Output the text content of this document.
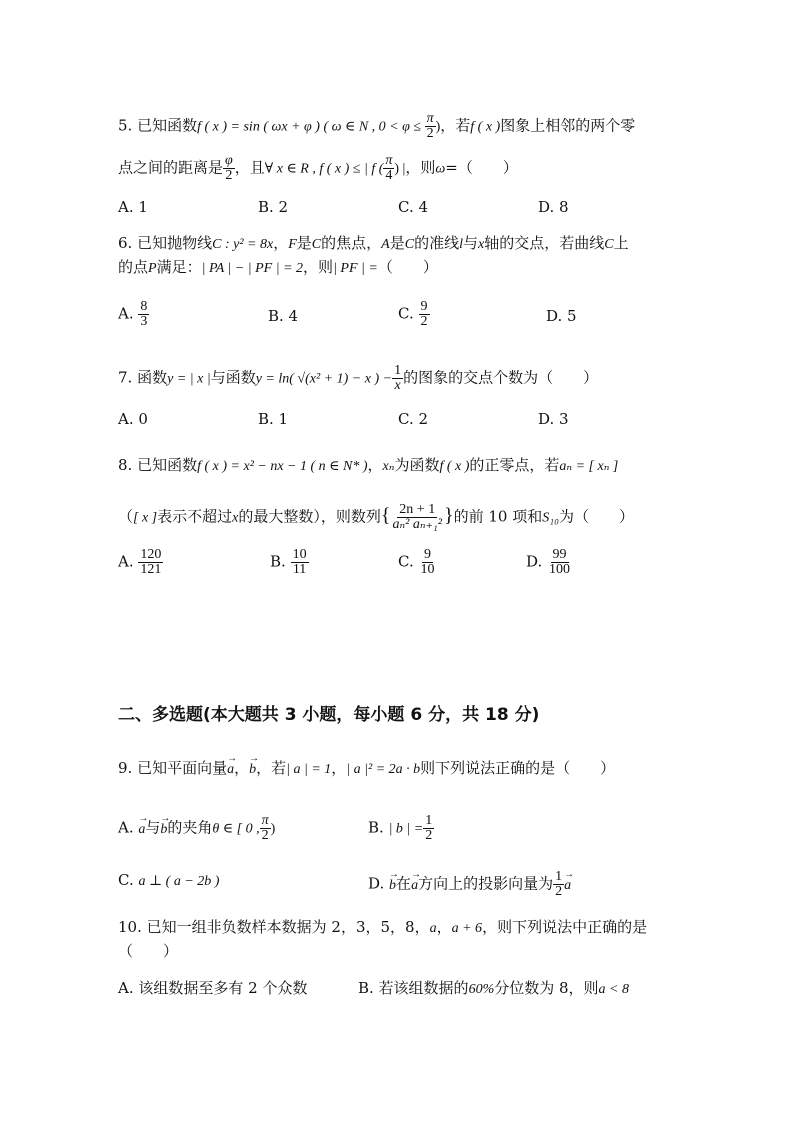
5. 已知函数f ( x ) = sin ( ωx + φ ) ( ω ∈ N , $0 < \varphi \le \frac{\pi}{2}$ )，若f ( x )图象上相邻的两个零
点之间的距离是 $\frac{\varphi}{2}$ ，且∀ x ∈ R , f ( x ) ≤ | f ( $\frac{\pi}{4}$ ) |，则ω=（　　）
A. 1	B. 2	C. 4	D. 8
6. 已知抛物线C : y² = 8x，F是C的焦点，A是C的准线l与x轴的交点，若曲线C上
的点P满足：| PA | − | PF | = 2，则| PF | =（　　）
A. $\frac{8}{3}$	B. 4	C. $\frac{9}{2}$	D. 5
7. 函数y = | x |与函数y = ln( √(x² + 1) − x ) − $\frac{1}{x}$ 的图象的交点个数为（　　）
A. 0	B. 1	C. 2	D. 3
8. 已知函数f ( x ) = x² − nx − 1 ( n ∈ N* )，xₙ为函数f ( x )的正零点，若aₙ = [ xₙ ]
（[ x ]表示不超过x的最大整数），则数列{ $\frac{2n + 1}{\text{aₙ² aₙ₊₁²}}$ }的前 10 项和S₁₀为（　　）
A. $\frac{120}{121}$	B. $\frac{10}{11}$	C. $\frac{9}{10}$	D. $\frac{99}{100}$
二、多选题(本大题共 3 小题，每小题 6 分，共 18 分)
9. 已知平面向量→ a，→ b，若| a | = 1，| a |² = 2a · b则下列说法正确的是（　　）
A. → a与→ b的夹角θ ∈ [ 0 , $\frac{\pi}{2}$ )	B. | b | = $\frac{1}{2}$
C. a ⊥ ( a − 2b )	D. → b在→ a方向上的投影向量为 $\frac{1}{2}$
→ a
10. 已知一组非负数样本数据为 2，3，5，8，a，a + 6，则下列说法中正确的是
（　　）
A. 该组数据至多有 2 个众数	B. 若该组数据的60%分位数为 8，则a < 8
